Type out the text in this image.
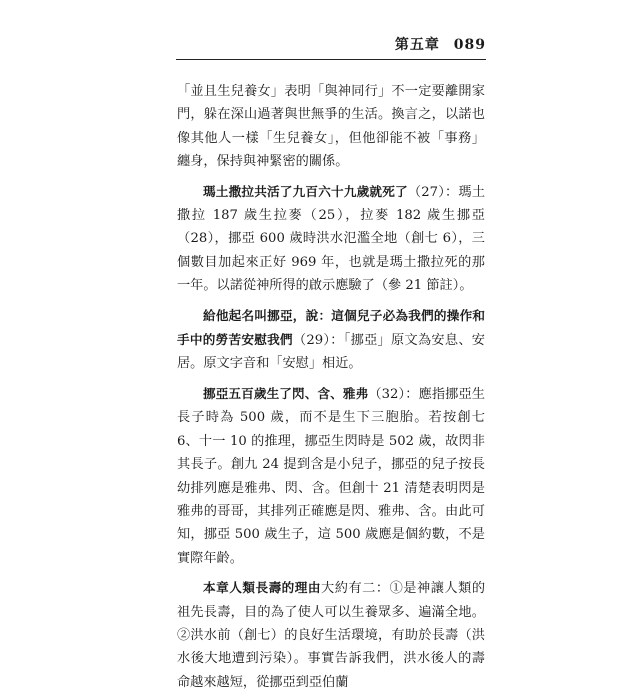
第五章 089

「並且生兒養女」表明「與神同行」不一定要離開家門，躲在深山過著與世無爭的生活。換言之，以諾也像其他人一樣「生兒養女」，但他卻能不被「事務」纏身，保持與神緊密的關係。

瑪土撒拉共活了九百六十九歲就死了（27）：瑪土撒拉 187 歲生拉麥（25），拉麥 182 歲生挪亞（28），挪亞 600 歲時洪水氾濫全地（創七 6），三個數目加起來正好 969 年，也就是瑪土撒拉死的那一年。以諾從神所得的啟示應驗了（參 21 節註）。

給他起名叫挪亞，說：這個兒子必為我們的操作和手中的勞苦安慰我們（29）：「挪亞」原文為安息、安居。原文字音和「安慰」相近。

挪亞五百歲生了閃、含、雅弗（32）：應指挪亞生長子時為 500 歲，而不是生下三胞胎。若按創七 6、十一 10 的推理，挪亞生閃時是 502 歲，故閃非其長子。創九 24 提到含是小兒子，挪亞的兒子按長幼排列應是雅弗、閃、含。但創十 21 清楚表明閃是雅弗的哥哥，其排列正確應是閃、雅弗、含。由此可知，挪亞 500 歲生子，這 500 歲應是個約數，不是實際年齡。

本章人類長壽的理由大約有二：①是神讓人類的祖先長壽，目的為了使人可以生養眾多、遍滿全地。②洪水前（創七）的良好生活環境，有助於長壽（洪水後大地遭到污染）。事實告訴我們，洪水後人的壽命越來越短，從挪亞到亞伯蘭
